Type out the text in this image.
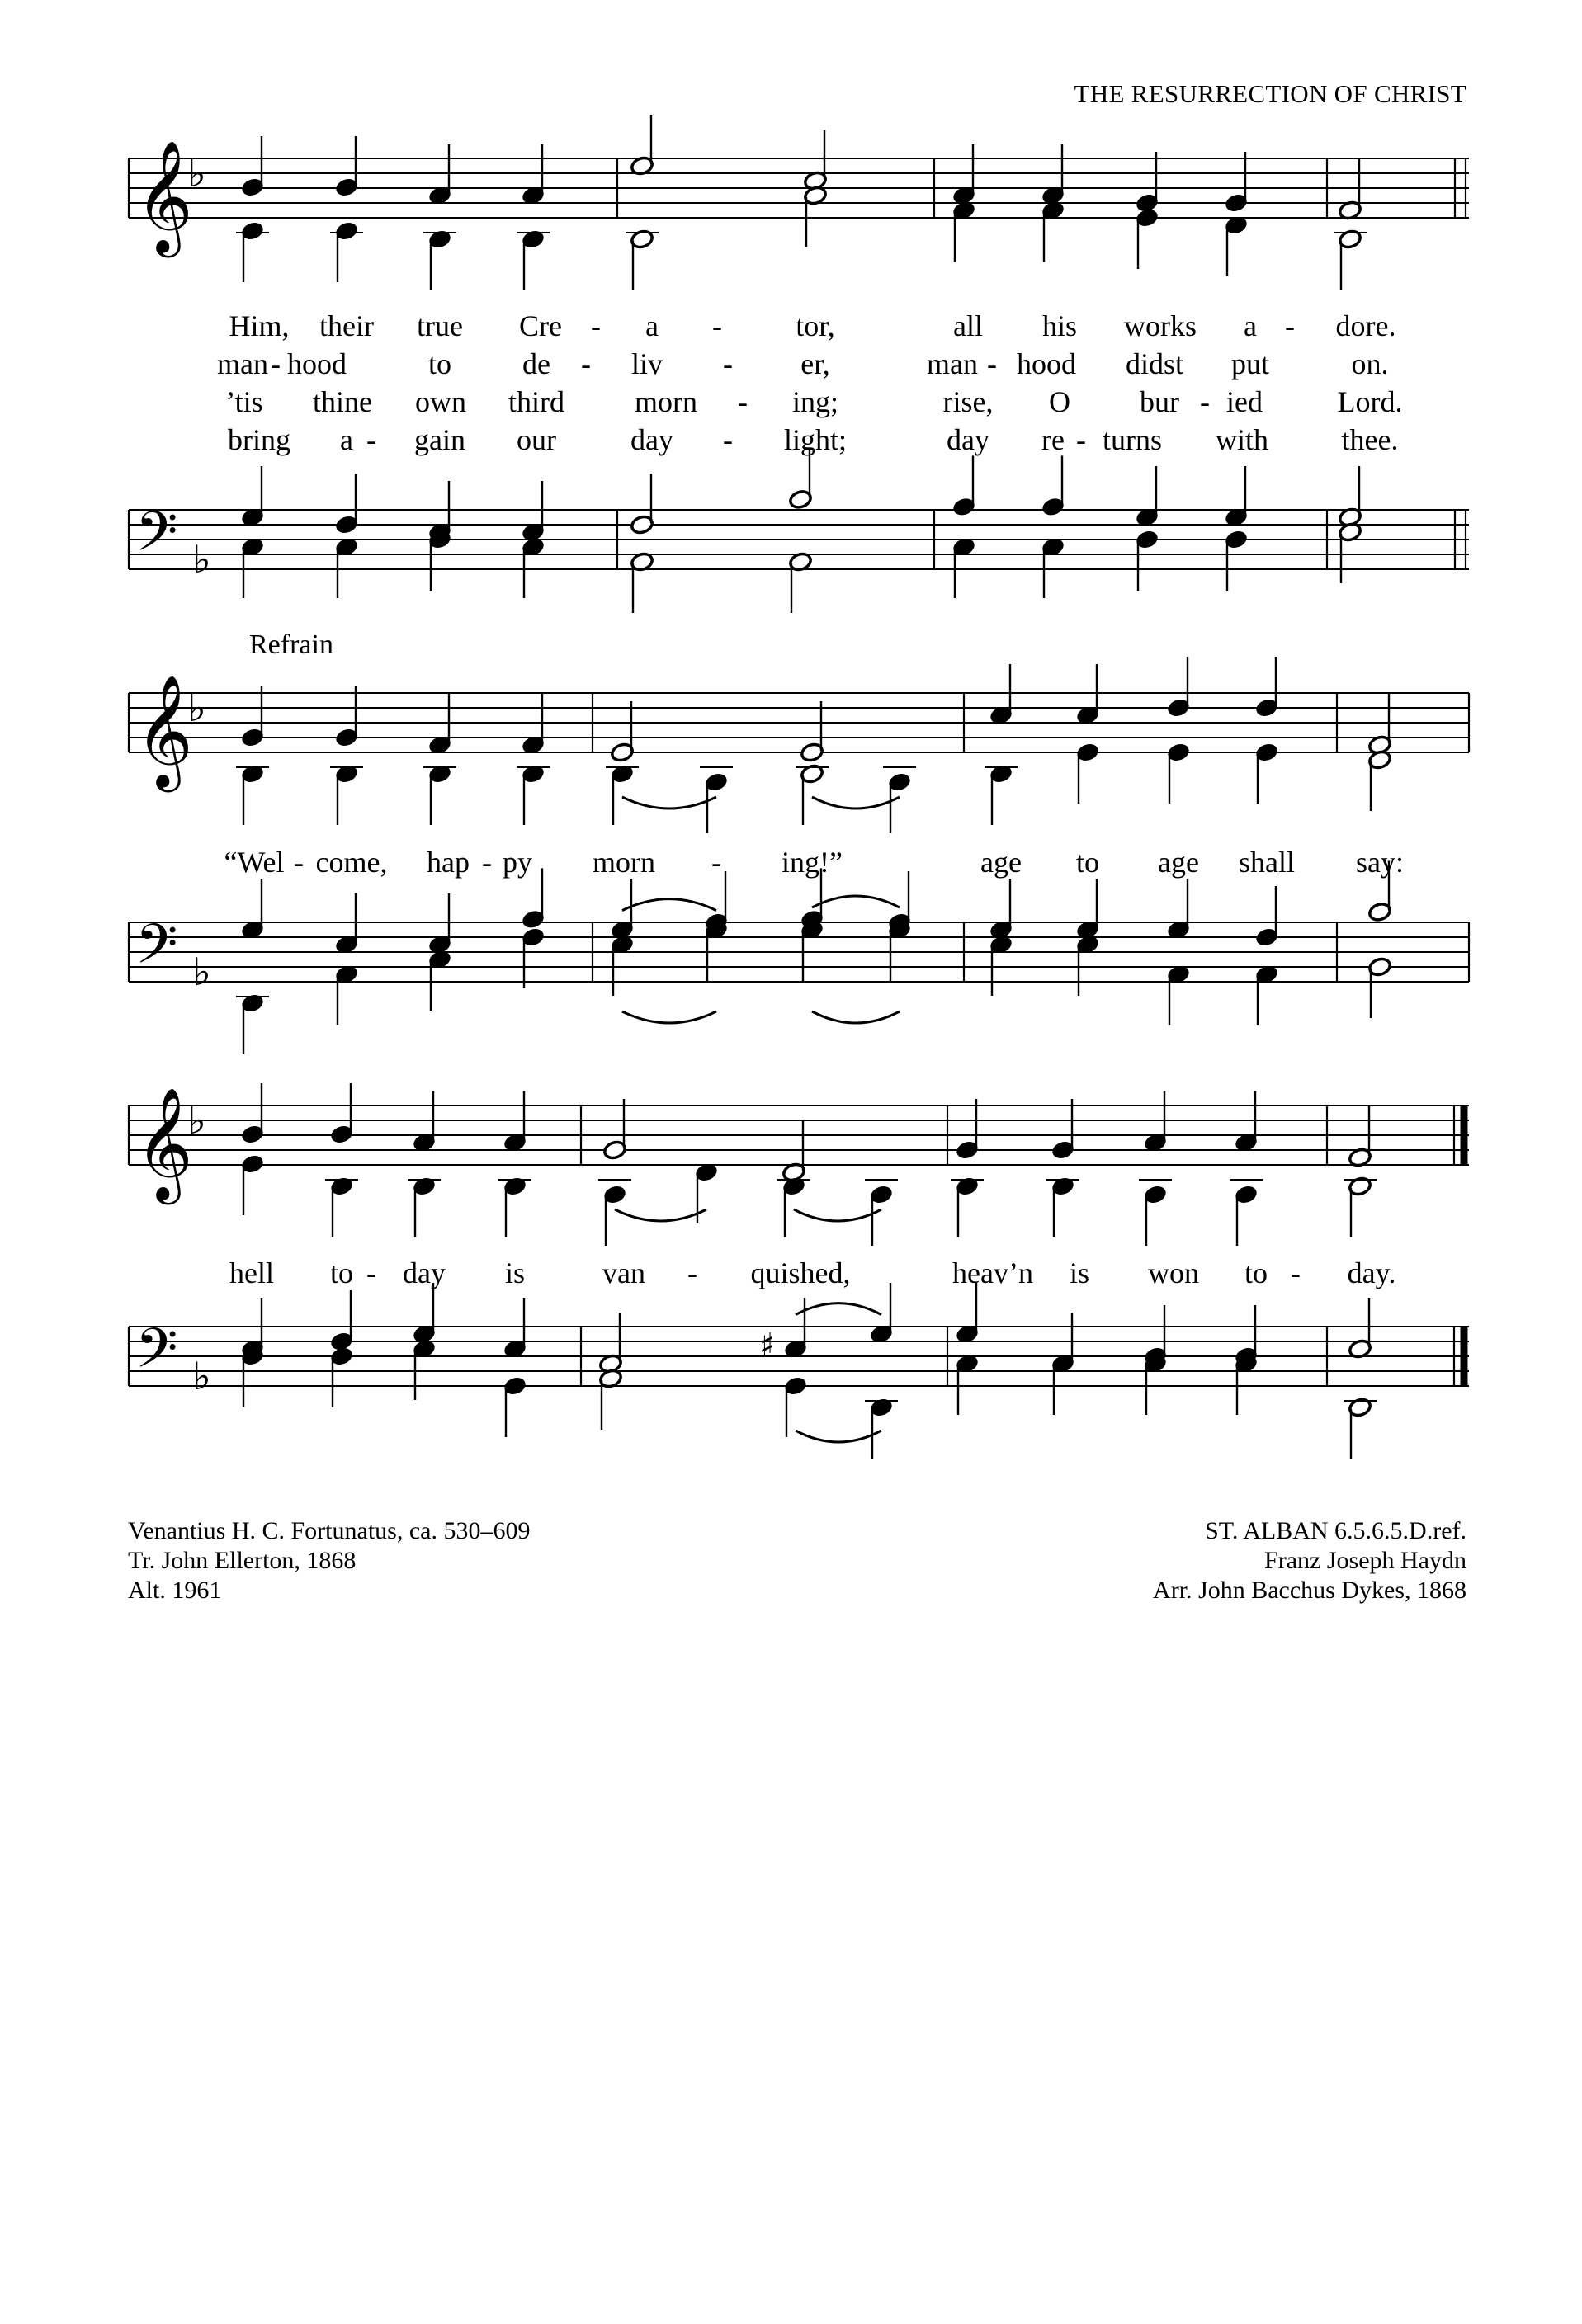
THE RESURRECTION OF CHRIST
𝄞
♭
Him, their true Cre - a - tor,	all his works a - dore.
man - hood	to de - liv - er,	man - hood didst put	on.
’tis thine own third morn - ing;	rise, O bur - ied	Lord.
bring a - gain our	day - light;	day re - turns with thee.
𝄢 ♭
Refrain
𝄞
♭
“Wel - come, hap - py morn - ing!”	age to age shall say:
𝄢 ♭
𝄞
♭
hell to - day is	van - quished,	heav’n is won to - day.
𝄢 ♭
♯
Venantius H. C. Fortunatus, ca. 530–609
Tr. John Ellerton, 1868
Alt. 1961
ST. ALBAN 6.5.6.5.D.ref.
Franz Joseph Haydn
Arr. John Bacchus Dykes, 1868
